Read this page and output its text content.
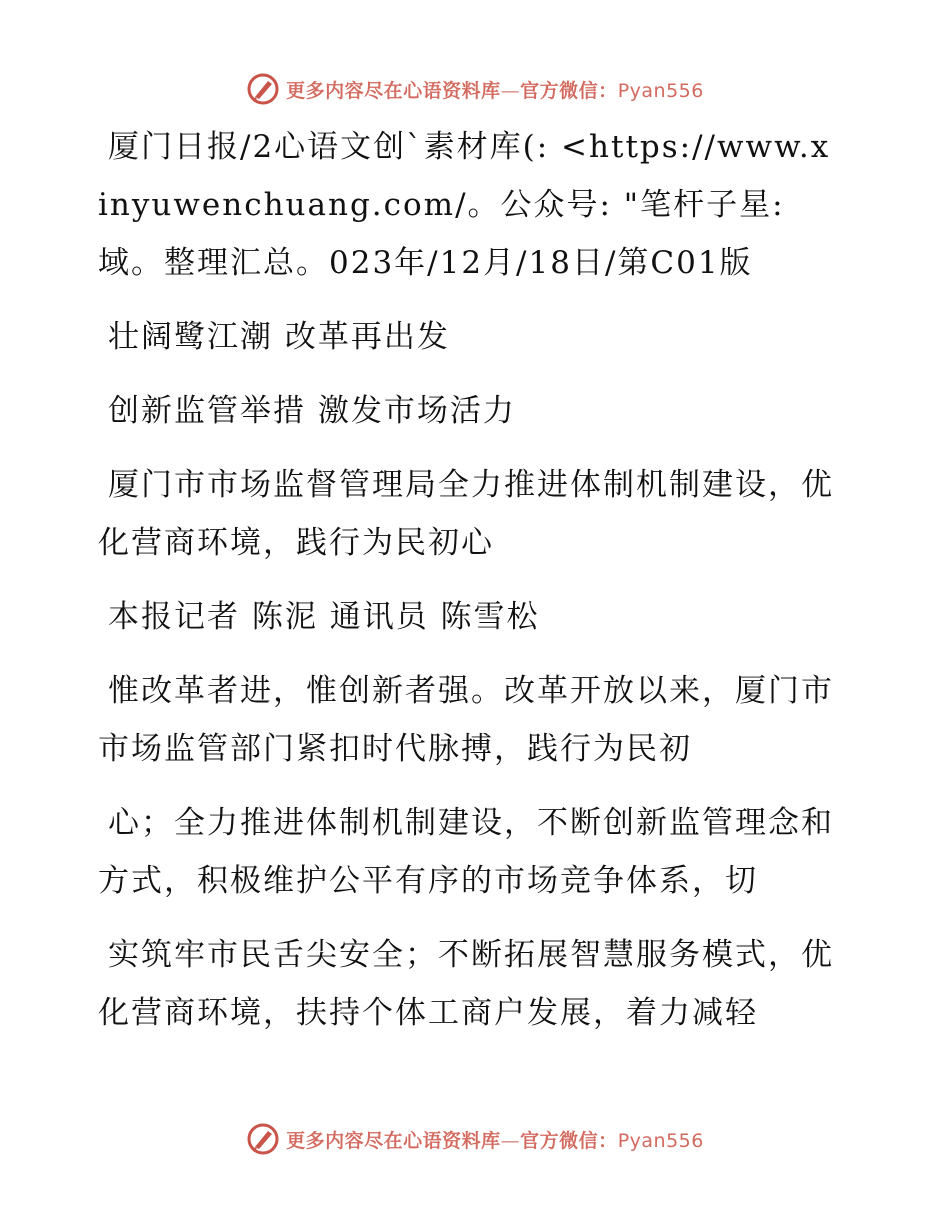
更多内容尽在心语资料库—官方微信：Pyan556

厦门日报/2心语文创`素材库(: <https://www.xinyuwenchuang.com/。公众号: "笔杆子星:域。整理汇总。023年/12月/18日/第C01版

壮阔鹭江潮 改革再出发

创新监管举措 激发市场活力

厦门市市场监督管理局全力推进体制机制建设，优化营商环境，践行为民初心

本报记者 陈泥 通讯员 陈雪松

惟改革者进，惟创新者强。改革开放以来，厦门市市场监管部门紧扣时代脉搏，践行为民初

心；全力推进体制机制建设，不断创新监管理念和方式，积极维护公平有序的市场竞争体系，切

实筑牢市民舌尖安全；不断拓展智慧服务模式，优化营商环境，扶持个体工商户发展，着力减轻

更多内容尽在心语资料库—官方微信：Pyan556
